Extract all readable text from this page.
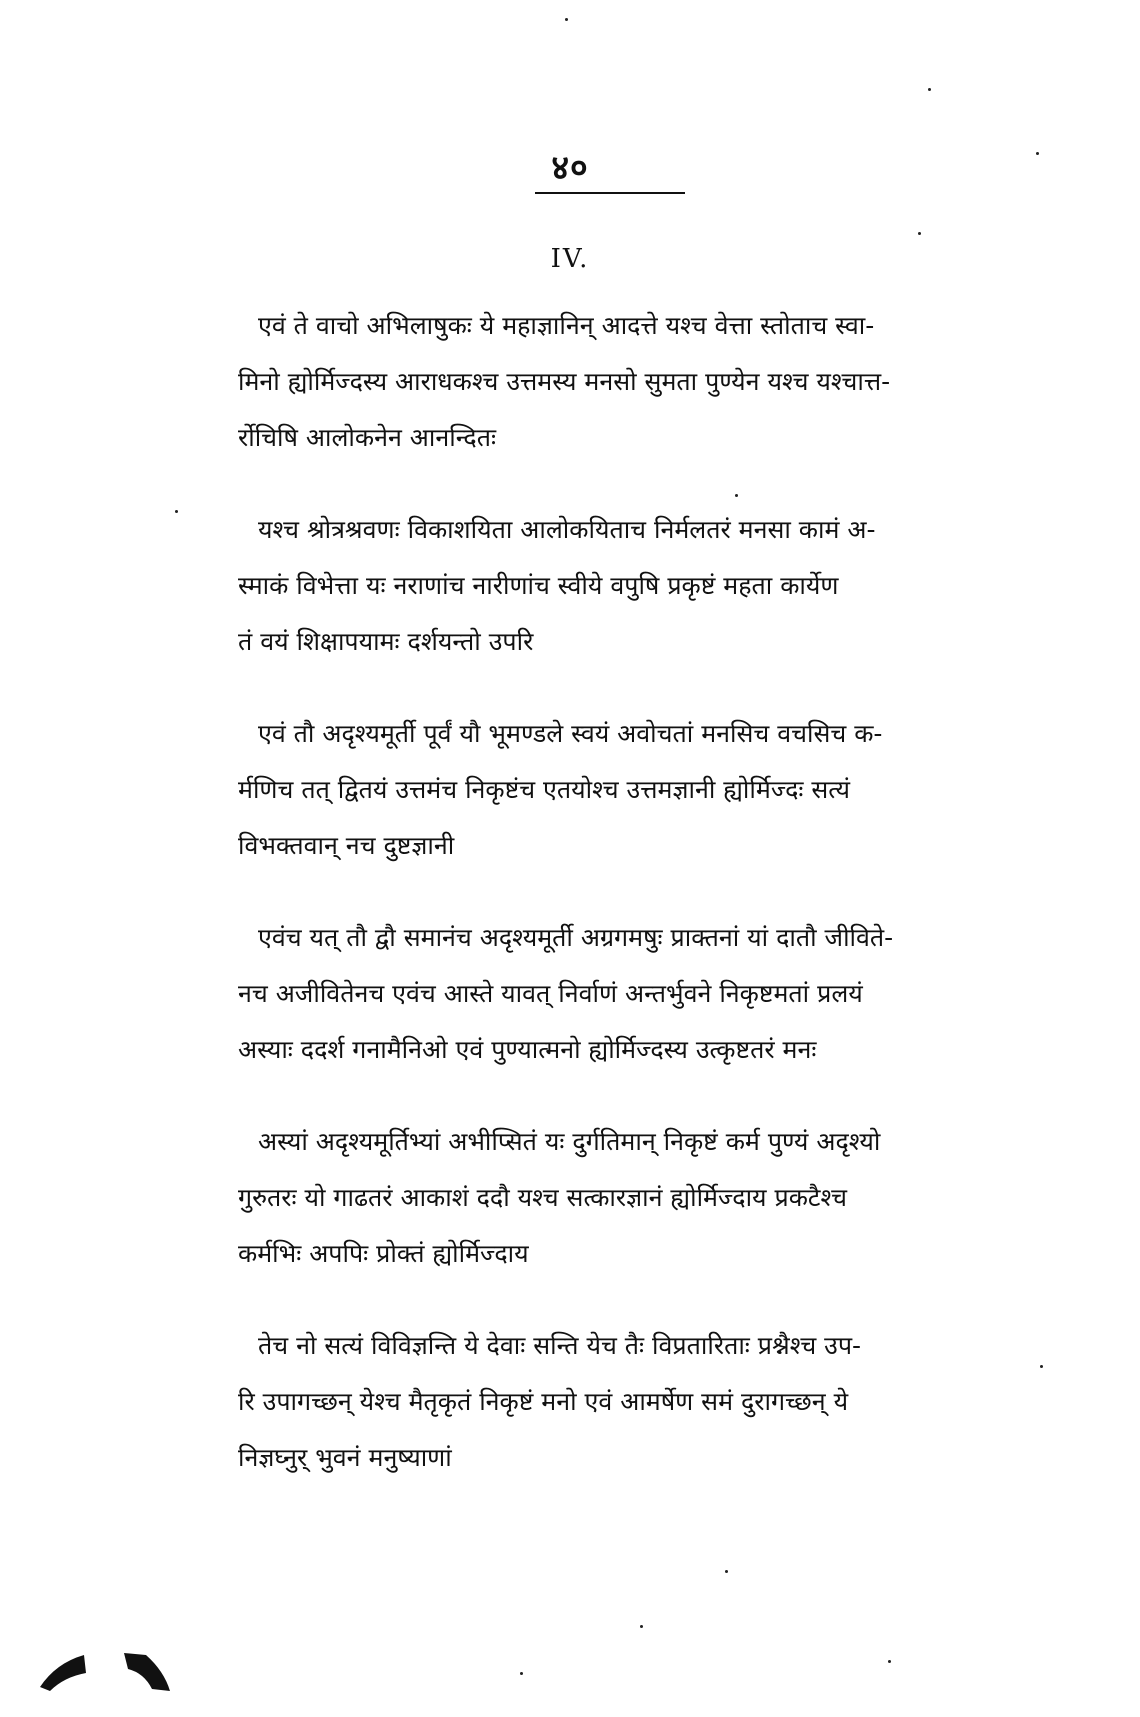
४०
IV.
एवं ते वाचो अभिलाषुकः ये महाज्ञानिन् आदत्ते यश्च वेत्ता स्तोताच स्वा-
मिनो ह्योर्मिज्दस्य आराधकश्च उत्तमस्य मनसो सुमता पुण्येन यश्च यश्चात्त-
र्रोचिषि आलोकनेन आनन्दितः
यश्च श्रोत्रश्रवणः विकाशयिता आलोकयिताच निर्मलतरं मनसा कामं अ-
स्माकं विभेत्ता यः नराणांच नारीणांच स्वीये वपुषि प्रकृष्टं महता कार्येण
तं वयं शिक्षापयामः दर्शयन्तो उपरि
एवं तौ अदृश्यमूर्ती पूर्वं यौ भूमण्डले स्वयं अवोचतां मनसिच वचसिच क-
र्मणिच तत् द्वितयं उत्तमंच निकृष्टंच एतयोश्च उत्तमज्ञानी ह्योर्मिज्दः सत्यं
विभक्तवान् नच दुष्टज्ञानी
एवंच यत् तौ द्वौ समानंच अदृश्यमूर्ती अग्रगमषुः प्राक्तनां यां दातौ जीविते-
नच अजीवितेनच एवंच आस्ते यावत् निर्वाणं अन्तर्भुवने निकृष्टमतां प्रलयं
अस्याः ददर्श गनामैनिओ एवं पुण्यात्मनो ह्योर्मिज्दस्य उत्कृष्टतरं मनः
अस्यां अदृश्यमूर्तिभ्यां अभीप्सितं यः दुर्गतिमान् निकृष्टं कर्म पुण्यं अदृश्यो
गुरुतरः यो गाढतरं आकाशं ददौ यश्च सत्कारज्ञानं ह्योर्मिज्दाय प्रकटैश्च
कर्मभिः अपपिः प्रोक्तं ह्योर्मिज्दाय
तेच नो सत्यं विविज्ञन्ति ये देवाः सन्ति येच तैः विप्रतारिताः प्रश्नैश्च उप-
रि उपागच्छन् येश्च मैतृकृतं निकृष्टं मनो एवं आमर्षेण समं दुरागच्छन् ये
निज्ञघ्नुर् भुवनं मनुष्याणां
